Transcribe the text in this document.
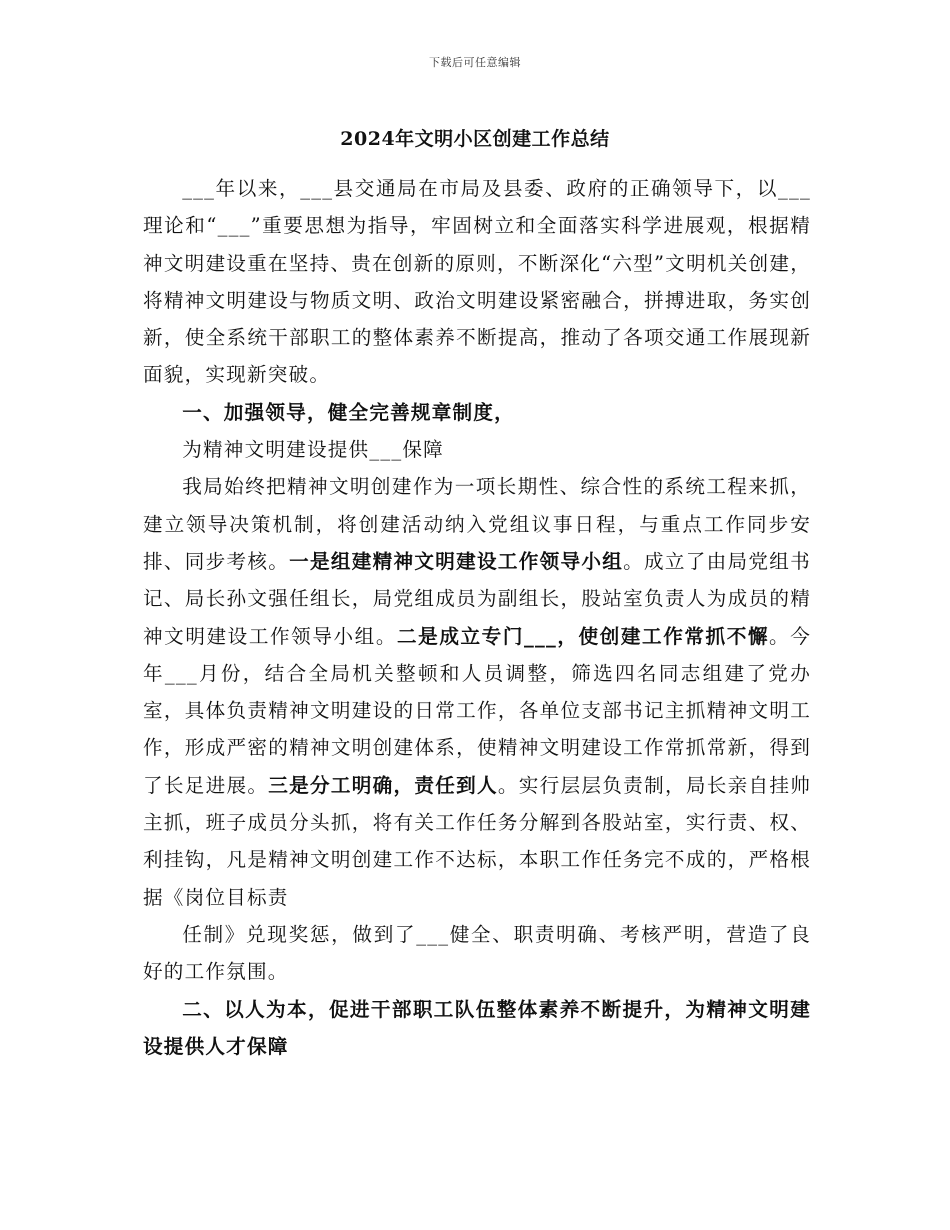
下载后可任意编辑
2024年文明小区创建工作总结

___年以来，___县交通局在市局及县委、政府的正确领导下，以___理论和“___”重要思想为指导，牢固树立和全面落实科学进展观，根据精神文明建设重在坚持、贵在创新的原则，不断深化“六型”文明机关创建，将精神文明建设与物质文明、政治文明建设紧密融合，拼搏进取，务实创新，使全系统干部职工的整体素养不断提高，推动了各项交通工作展现新面貌，实现新突破。

一、加强领导，健全完善规章制度，

为精神文明建设提供___保障

我局始终把精神文明创建作为一项长期性、综合性的系统工程来抓，建立领导决策机制，将创建活动纳入党组议事日程，与重点工作同步安排、同步考核。一是组建精神文明建设工作领导小组。成立了由局党组书记、局长孙文强任组长，局党组成员为副组长，股站室负责人为成员的精神文明建设工作领导小组。二是成立专门___，使创建工作常抓不懈。今年___月份，结合全局机关整顿和人员调整，筛选四名同志组建了党办室，具体负责精神文明建设的日常工作，各单位支部书记主抓精神文明工作，形成严密的精神文明创建体系，使精神文明建设工作常抓常新，得到了长足进展。三是分工明确，责任到人。实行层层负责制，局长亲自挂帅主抓，班子成员分头抓，将有关工作任务分解到各股站室，实行责、权、利挂钩，凡是精神文明创建工作不达标，本职工作任务完不成的，严格根据《岗位目标责

任制》兑现奖惩，做到了___健全、职责明确、考核严明，营造了良好的工作氛围。

二、以人为本，促进干部职工队伍整体素养不断提升，为精神文明建设提供人才保障
